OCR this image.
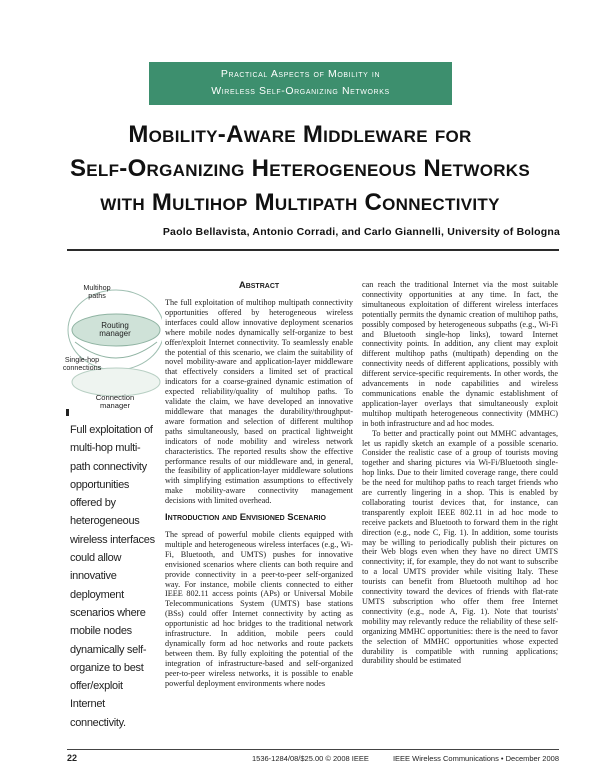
Practical Aspects of Mobility in
Wireless Self-Organizing Networks
Mobility-Aware Middleware for
Self-Organizing Heterogeneous Networks
with Multihop Multipath Connectivity
Paolo Bellavista, Antonio Corradi, and Carlo Giannelli, University of Bologna
Multihop paths
Routing manager
Single-hop connections
Connection manager
Full exploitation of multi-hop multi-path connectivity opportunities offered by heterogeneous wireless interfaces could allow innovative deployment scenarios where mobile nodes dynamically self-organize to best offer/exploit Internet connectivity.
Abstract

The full exploitation of multihop multipath connectivity opportunities offered by heterogeneous wireless interfaces could allow innovative deployment scenarios where mobile nodes dynamically self-organize to best offer/exploit Internet connectivity. To seamlessly enable the potential of this scenario, we claim the suitability of novel mobility-aware and application-layer middleware that effectively considers a limited set of practical indicators for a coarse-grained dynamic estimation of expected reliability/quality of multihop paths. To validate the claim, we have developed an innovative middleware that manages the durability/throughput-aware formation and selection of different multihop paths simultaneously, based on practical lightweight indicators of node mobility and wireless network characteristics. The reported results show the effective performance results of our middleware and, in general, the feasibility of application-layer middleware solutions with simplifying estimation assumptions to effectively make mobility-aware connectivity management decisions with limited overhead.

Introduction and Envisioned Scenario

The spread of powerful mobile clients equipped with multiple and heterogeneous wireless interfaces (e.g., Wi-Fi, Bluetooth, and UMTS) pushes for innovative envisioned scenarios where clients can both require and provide connectivity in a peer-to-peer self-organized way. For instance, mobile clients connected to either IEEE 802.11 access points (APs) or Universal Mobile Telecommunications System (UMTS) base stations (BSs) could offer Internet connectivity by acting as opportunistic ad hoc bridges to the traditional network infrastructure. In addition, mobile peers could dynamically form ad hoc networks and route packets between them. By fully exploiting the potential of the integration of infrastructure-based and self-organized peer-to-peer wireless networks, it is possible to enable powerful deployment environments where nodes

can reach the traditional Internet via the most suitable connectivity opportunities at any time. In fact, the simultaneous exploitation of different wireless interfaces potentially permits the dynamic creation of multihop paths, possibly composed by heterogeneous subpaths (e.g., Wi-Fi and Bluetooth single-hop links), toward Internet connectivity points. In addition, any client may exploit different multihop paths (multipath) depending on the connectivity needs of different applications, possibly with different service-specific requirements. In other words, the advancements in node capabilities and wireless communications enable the dynamic establishment of application-layer overlays that simultaneously exploit multihop multipath heterogeneous connectivity (MMHC) in both infrastructure and ad hoc modes.

To better and practically point out MMHC advantages, let us rapidly sketch an example of a possible scenario. Consider the realistic case of a group of tourists moving together and sharing pictures via Wi-Fi/Bluetooth single-hop links. Due to their limited coverage range, there could be the need for multihop paths to reach target friends who are currently lingering in a shop. This is enabled by collaborating tourist devices that, for instance, can transparently exploit IEEE 802.11 in ad hoc mode to receive packets and Bluetooth to forward them in the right direction (e.g., node C, Fig. 1). In addition, some tourists may be willing to periodically publish their pictures on their Web blogs even when they have no direct UMTS connectivity; if, for example, they do not want to subscribe to a local UMTS provider while visiting Italy. These tourists can benefit from Bluetooth multihop ad hoc connectivity toward the devices of friends with flat-rate UMTS subscription who offer them free Internet connectivity (e.g., node A, Fig. 1). Note that tourists' mobility may relevantly reduce the reliability of these self-organizing MMHC opportunities: there is the need to favor the selection of MMHC opportunities whose expected durability is compatible with running applications; durability should be estimated

22	1536-1284/08/$25.00 © 2008 IEEE	IEEE Wireless Communications • December 2008
